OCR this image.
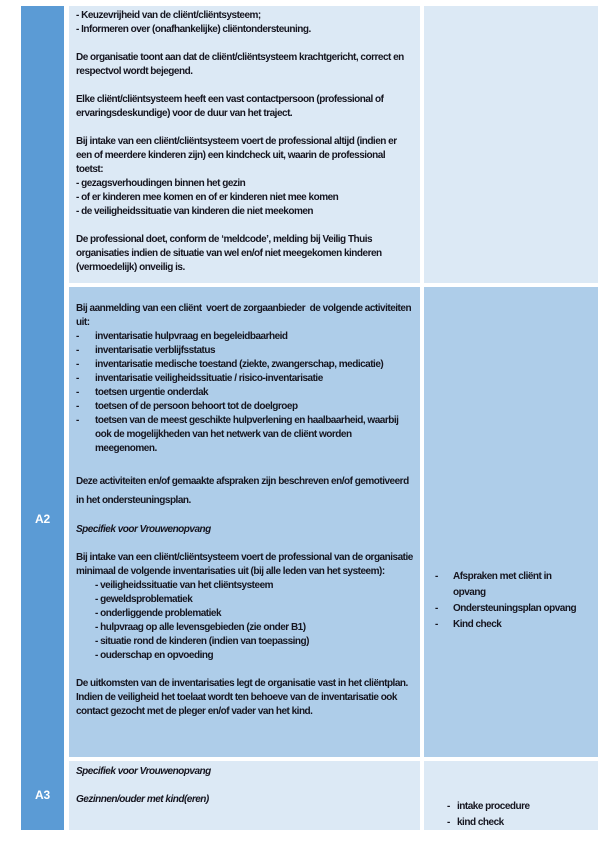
A2
A3
- Keuzevrijheid van de cliënt/cliëntsysteem;
- Informeren over (onafhankelijke) cliëntondersteuning.
De organisatie toont aan dat de cliënt/cliëntsysteem krachtgericht, correct en respectvol wordt bejegend.
Elke cliënt/cliëntsysteem heeft een vast contactpersoon (professional of ervaringsdeskundige) voor de duur van het traject.
Bij intake van een cliënt/cliëntsysteem voert de professional altijd (indien er een of meerdere kinderen zijn) een kindcheck uit, waarin de professional toetst:
- gezagsverhoudingen binnen het gezin
- of er kinderen mee komen en of er kinderen niet mee komen
- de veiligheidssituatie van kinderen die niet meekomen
De professional doet, conform de ‘meldcode’, melding bij Veilig Thuis organisaties indien de situatie van wel en/of niet meegekomen kinderen (vermoedelijk) onveilig is.
Bij aanmelding van een cliënt  voert de zorgaanbieder  de volgende activiteiten uit:
- inventarisatie hulpvraag en begeleidbaarheid
- inventarisatie verblijfsstatus
- inventarisatie medische toestand (ziekte, zwangerschap, medicatie)
- inventarisatie veiligheidssituatie / risico-inventarisatie
- toetsen urgentie onderdak
- toetsen of de persoon behoort tot de doelgroep
- toetsen van de meest geschikte hulpverlening en haalbaarheid, waarbij ook de mogelijkheden van het netwerk van de cliënt worden meegenomen.
Deze activiteiten en/of gemaakte afspraken zijn beschreven en/of gemotiveerd in het ondersteuningsplan.
Specifiek voor Vrouwenopvang
Bij intake van een cliënt/cliëntsysteem voert de professional van de organisatie minimaal de volgende inventarisaties uit (bij alle leden van het systeem):
- veiligheidssituatie van het cliëntsysteem
- geweldsproblematiek
- onderliggende problematiek
- hulpvraag op alle levensgebieden (zie onder B1)
- situatie rond de kinderen (indien van toepassing)
- ouderschap en opvoeding
De uitkomsten van de inventarisaties legt de organisatie vast in het cliëntplan. Indien de veiligheid het toelaat wordt ten behoeve van de inventarisatie ook contact gezocht met de pleger en/of vader van het kind.
- Afspraken met cliënt in opvang
- Ondersteuningsplan opvang
- Kind check
Specifiek voor Vrouwenopvang
Gezinnen/ouder met kind(eren)
- intake procedure
- kind check
